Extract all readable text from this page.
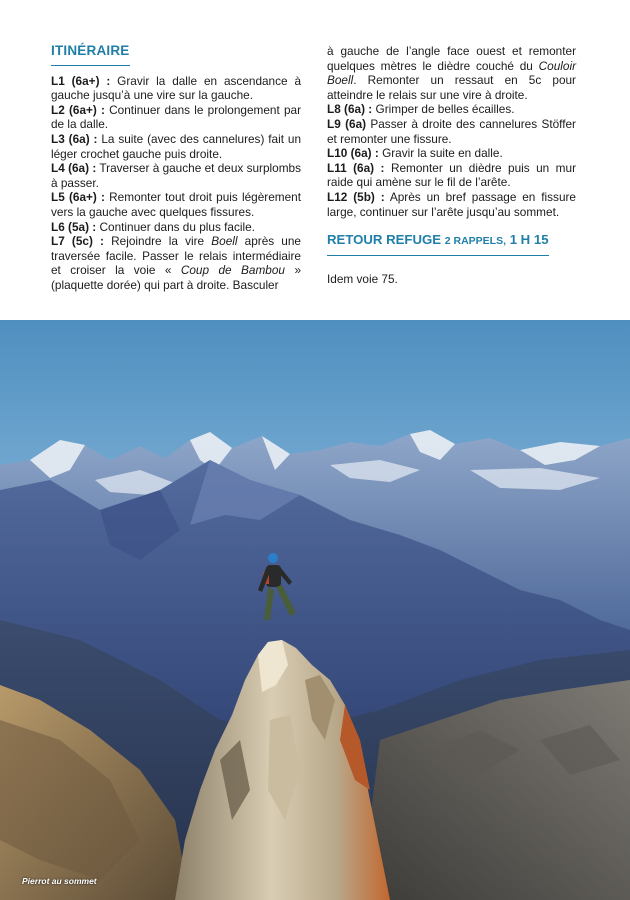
ITINÉRAIRE

L1 (6a+) : Gravir la dalle en ascendance à gauche jusqu’à une vire sur la gauche.

L2 (6a+) : Continuer dans le prolongement par de la dalle.

L3 (6a) : La suite (avec des cannelures) fait un léger crochet gauche puis droite.

L4 (6a) : Traverser à gauche et deux surplombs à passer.

L5 (6a+) : Remonter tout droit puis légèrement vers la gauche avec quelques fissures.

L6 (5a) : Continuer dans du plus facile.

L7 (5c) : Rejoindre la vire Boell après une traversée facile. Passer le relais intermédiaire et croiser la voie « Coup de Bambou » (plaquette dorée) qui part à droite. Basculer

à gauche de l’angle face ouest et remonter quelques mètres le dièdre couché du Couloir Boell. Remonter un ressaut en 5c pour atteindre le relais sur une vire à droite.

L8 (6a) : Grimper de belles écailles.

L9 (6a) Passer à droite des cannelures Stöffer et remonter une fissure.

L10 (6a) : Gravir la suite en dalle.

L11 (6a) : Remonter un dièdre puis un mur raide qui amène sur le fil de l’arête.

L12 (5b) : Après un bref passage en fissure large, continuer sur l’arête jusqu’au sommet.

RETOUR REFUGE 2 RAPPELS, 1 H 15
Idem voie 75.
Pierrot au sommet
